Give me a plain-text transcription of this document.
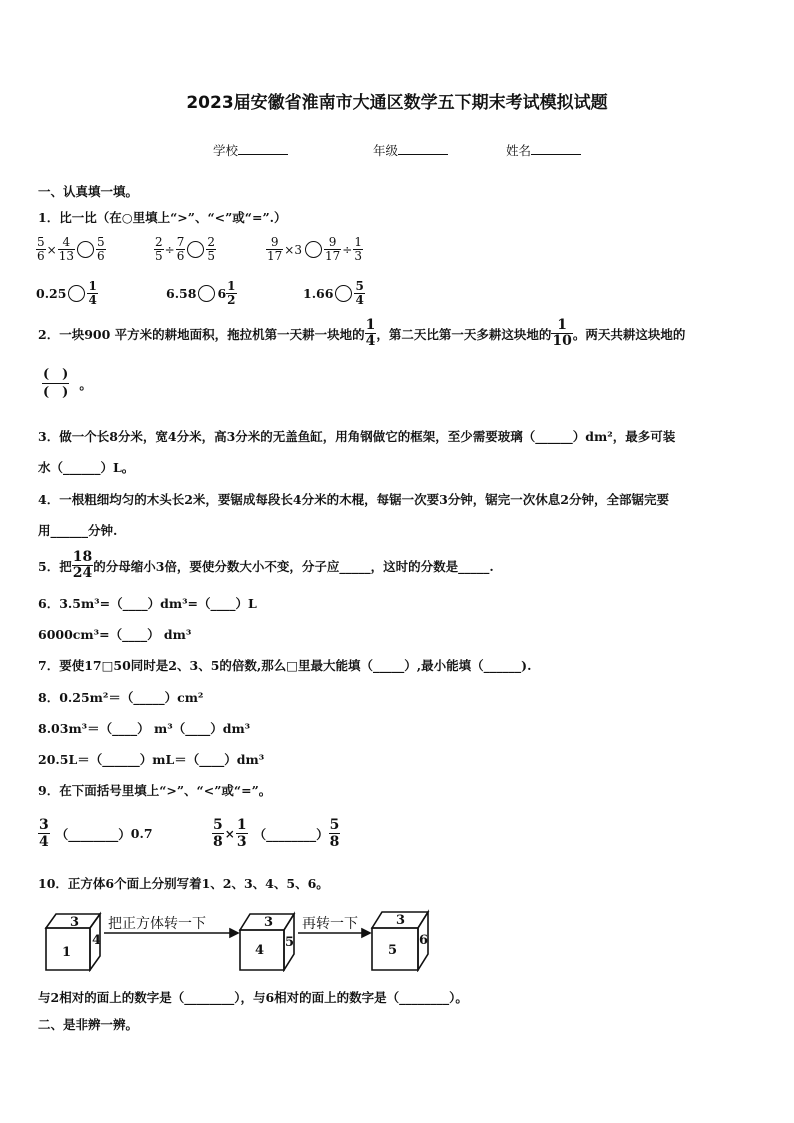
2023届安徽省淮南市大通区数学五下期末考试模拟试题
学校	年级	姓名
一、认真填一填。
1．比一比（在○里填上“>”、“<”或“=”.）
$\frac{5}{6} \times \frac{4}{13} \frac{5}{6}$	$\frac{2}{5} \div \frac{7}{6} \frac{2}{5}$	$\frac{9}{17} \times 3 \frac{9}{17} \div \frac{1}{3}$
$0.25 \frac{1}{4}$	6.58 $6 \frac{1}{2}$	$1.66 \frac{5}{4}$
2．一块900 平方米的耕地面积，拖拉机第一天耕一块地的 $\frac{1}{4}$ ，第二天比第一天多耕这块地的 $\frac{1}{10}$ 。两天共耕这块地的
$\frac{( )}{( )}$ 。
3．做一个长8分米，宽4分米，高3分米的无盖鱼缸，用角钢做它的框架，至少需要玻璃（______）dm²，最多可装
水（______）L。
4．一根粗细均匀的木头长2米，要锯成每段长4分米的木棍，每锯一次要3分钟，锯完一次休息2分钟，全部锯完要
用______分钟.
5．把 $\frac{18}{24}$ 的分母缩小3倍，要使分数大小不变，分子应_____，这时的分数是_____.
6．3.5m³=（____）dm³=（____）L
6000cm³=（____） dm³
7．要使17□50同时是2、3、5的倍数,那么□里最大能填（_____）,最小能填（______).
8．0.25m²＝（_____）cm²
8.03m³＝（____） m³（____）dm³
20.5L＝（______）mL＝（____）dm³
9．在下面括号里填上“>”、“<”或“=”。
$\frac{3}{4}$ （________） 0.7	$\frac{5}{8} \times \frac{1}{3}$ （________） $\frac{5}{8}$
10．正方体6个面上分别写着1、2、3、4、5、6。
3
1
4
把正方体转一下	3
4
5
再转一下	3
5
6
与2相对的面上的数字是（________），与6相对的面上的数字是（________）。
二、是非辨一辨。
